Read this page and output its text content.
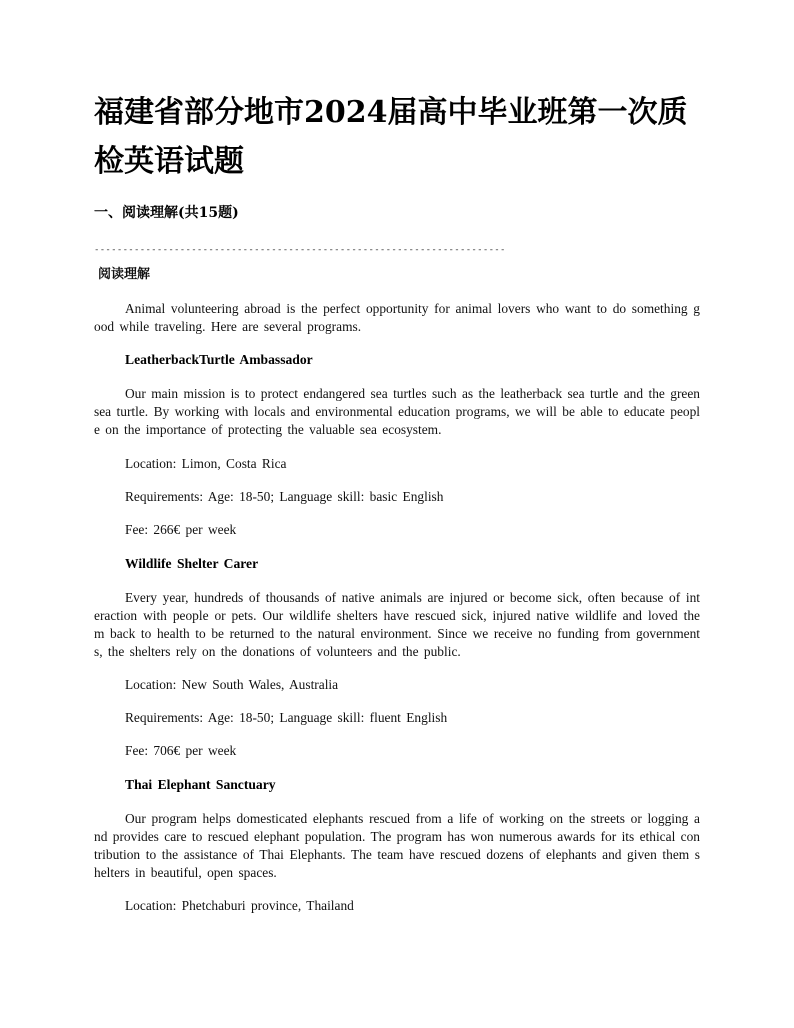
福建省部分地市2024届高中毕业班第一次质检英语试题
一、阅读理解(共15题)
------------------------------------------------------------------------
阅读理解

Animal volunteering abroad is the perfect opportunity for animal lovers who want to do something good while traveling. Here are several programs.

LeatherbackTurtle Ambassador

Our main mission is to protect endangered sea turtles such as the leatherback sea turtle and the green sea turtle. By working with locals and environmental education programs, we will be able to educate people on the importance of protecting the valuable sea ecosystem.

Location: Limon, Costa Rica

Requirements: Age: 18-50; Language skill: basic English

Fee: 266€ per week

Wildlife Shelter Carer

Every year, hundreds of thousands of native animals are injured or become sick, often because of interaction with people or pets. Our wildlife shelters have rescued sick, injured native wildlife and loved them back to health to be returned to the natural environment. Since we receive no funding from governments, the shelters rely on the donations of volunteers and the public.

Location: New South Wales, Australia

Requirements: Age: 18-50; Language skill: fluent English

Fee: 706€ per week

Thai Elephant Sanctuary

Our program helps domesticated elephants rescued from a life of working on the streets or logging and provides care to rescued elephant population. The program has won numerous awards for its ethical contribution to the assistance of Thai Elephants. The team have rescued dozens of elephants and given them shelters in beautiful, open spaces.

Location: Phetchaburi province, Thailand
